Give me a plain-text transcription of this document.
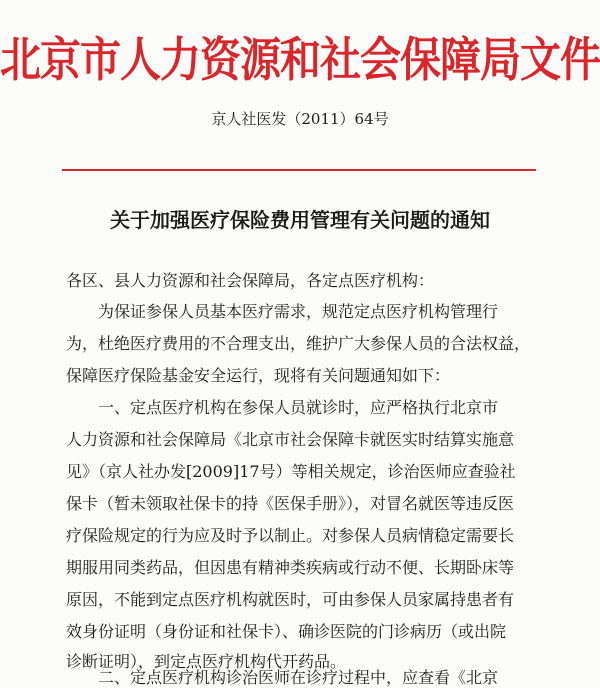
北京市人力资源和社会保障局文件
京人社医发（2011）64号
关于加强医疗保险费用管理有关问题的通知
各区、县人力资源和社会保障局，各定点医疗机构：
为保证参保人员基本医疗需求，规范定点医疗机构管理行
为，杜绝医疗费用的不合理支出，维护广大参保人员的合法权益，
保障医疗保险基金安全运行，现将有关问题通知如下：
一、定点医疗机构在参保人员就诊时，应严格执行北京市
人力资源和社会保障局《北京市社会保障卡就医实时结算实施意
见》（京人社办发[2009]17号）等相关规定，诊治医师应查验社
保卡（暂未领取社保卡的持《医保手册》），对冒名就医等违反医
疗保险规定的行为应及时予以制止。对参保人员病情稳定需要长
期服用同类药品，但因患有精神类疾病或行动不便、长期卧床等
原因，不能到定点医疗机构就医时，可由参保人员家属持患者有
效身份证明（身份证和社保卡）、确诊医院的门诊病历（或出院
诊断证明），到定点医疗机构代开药品。
二、定点医疗机构诊治医师在诊疗过程中，应查看《北京
